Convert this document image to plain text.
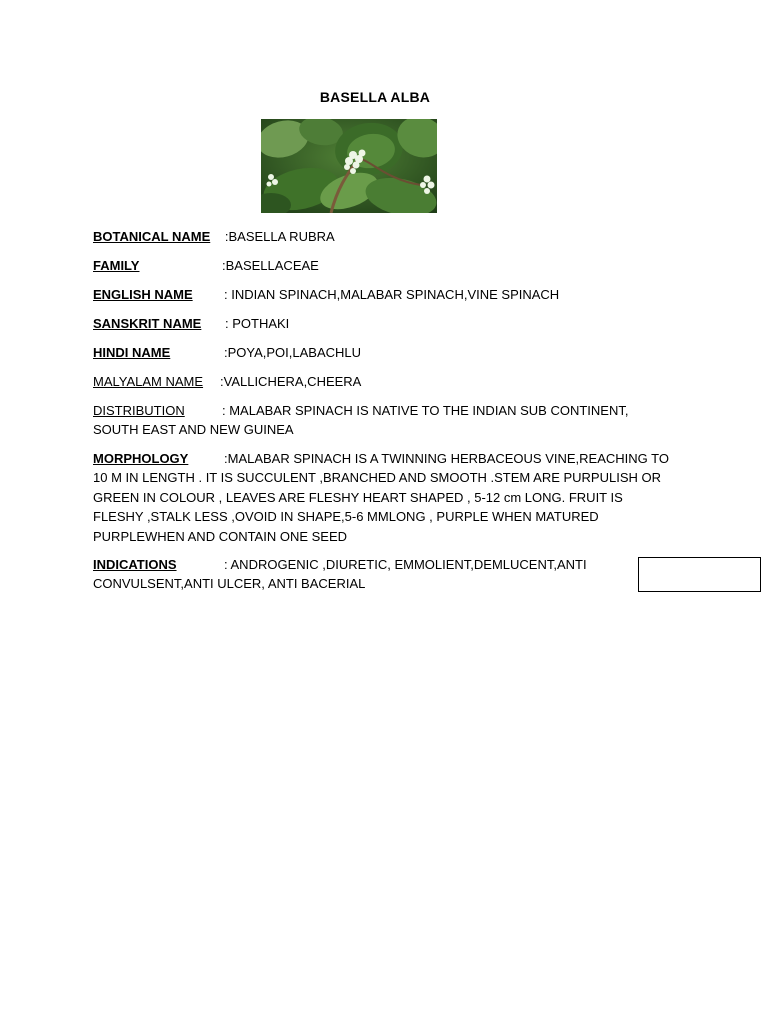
BASELLA ALBA
BOTANICAL NAME :BASELLA RUBRA
FAMILY	:BASELLACEAE
ENGLISH NAME : INDIAN SPINACH,MALABAR SPINACH,VINE SPINACH
SANSKRIT NAME : POTHAKI
HINDI NAME	:POYA,POI,LABACHLU
MALYALAM NAME :VALLICHERA,CHEERA
DISTRIBUTION	: MALABAR SPINACH IS NATIVE TO THE INDIAN SUB CONTINENT, SOUTH EAST AND NEW GUINEA
MORPHOLOGY	:MALABAR SPINACH IS A TWINNING HERBACEOUS VINE,REACHING TO 10 M IN LENGTH . IT IS SUCCULENT ,BRANCHED AND SMOOTH .STEM ARE PURPULISH OR GREEN IN COLOUR , LEAVES ARE FLESHY HEART SHAPED , 5-12 cm LONG. FRUIT IS FLESHY ,STALK LESS ,OVOID IN SHAPE,5-6 MMLONG , PURPLE WHEN MATURED PURPLEWHEN AND CONTAIN ONE SEED
INDICATIONS	: ANDROGENIC ,DIURETIC, EMMOLIENT,DEMLUCENT,ANTI CONVULSENT,ANTI ULCER, ANTI BACERIAL
